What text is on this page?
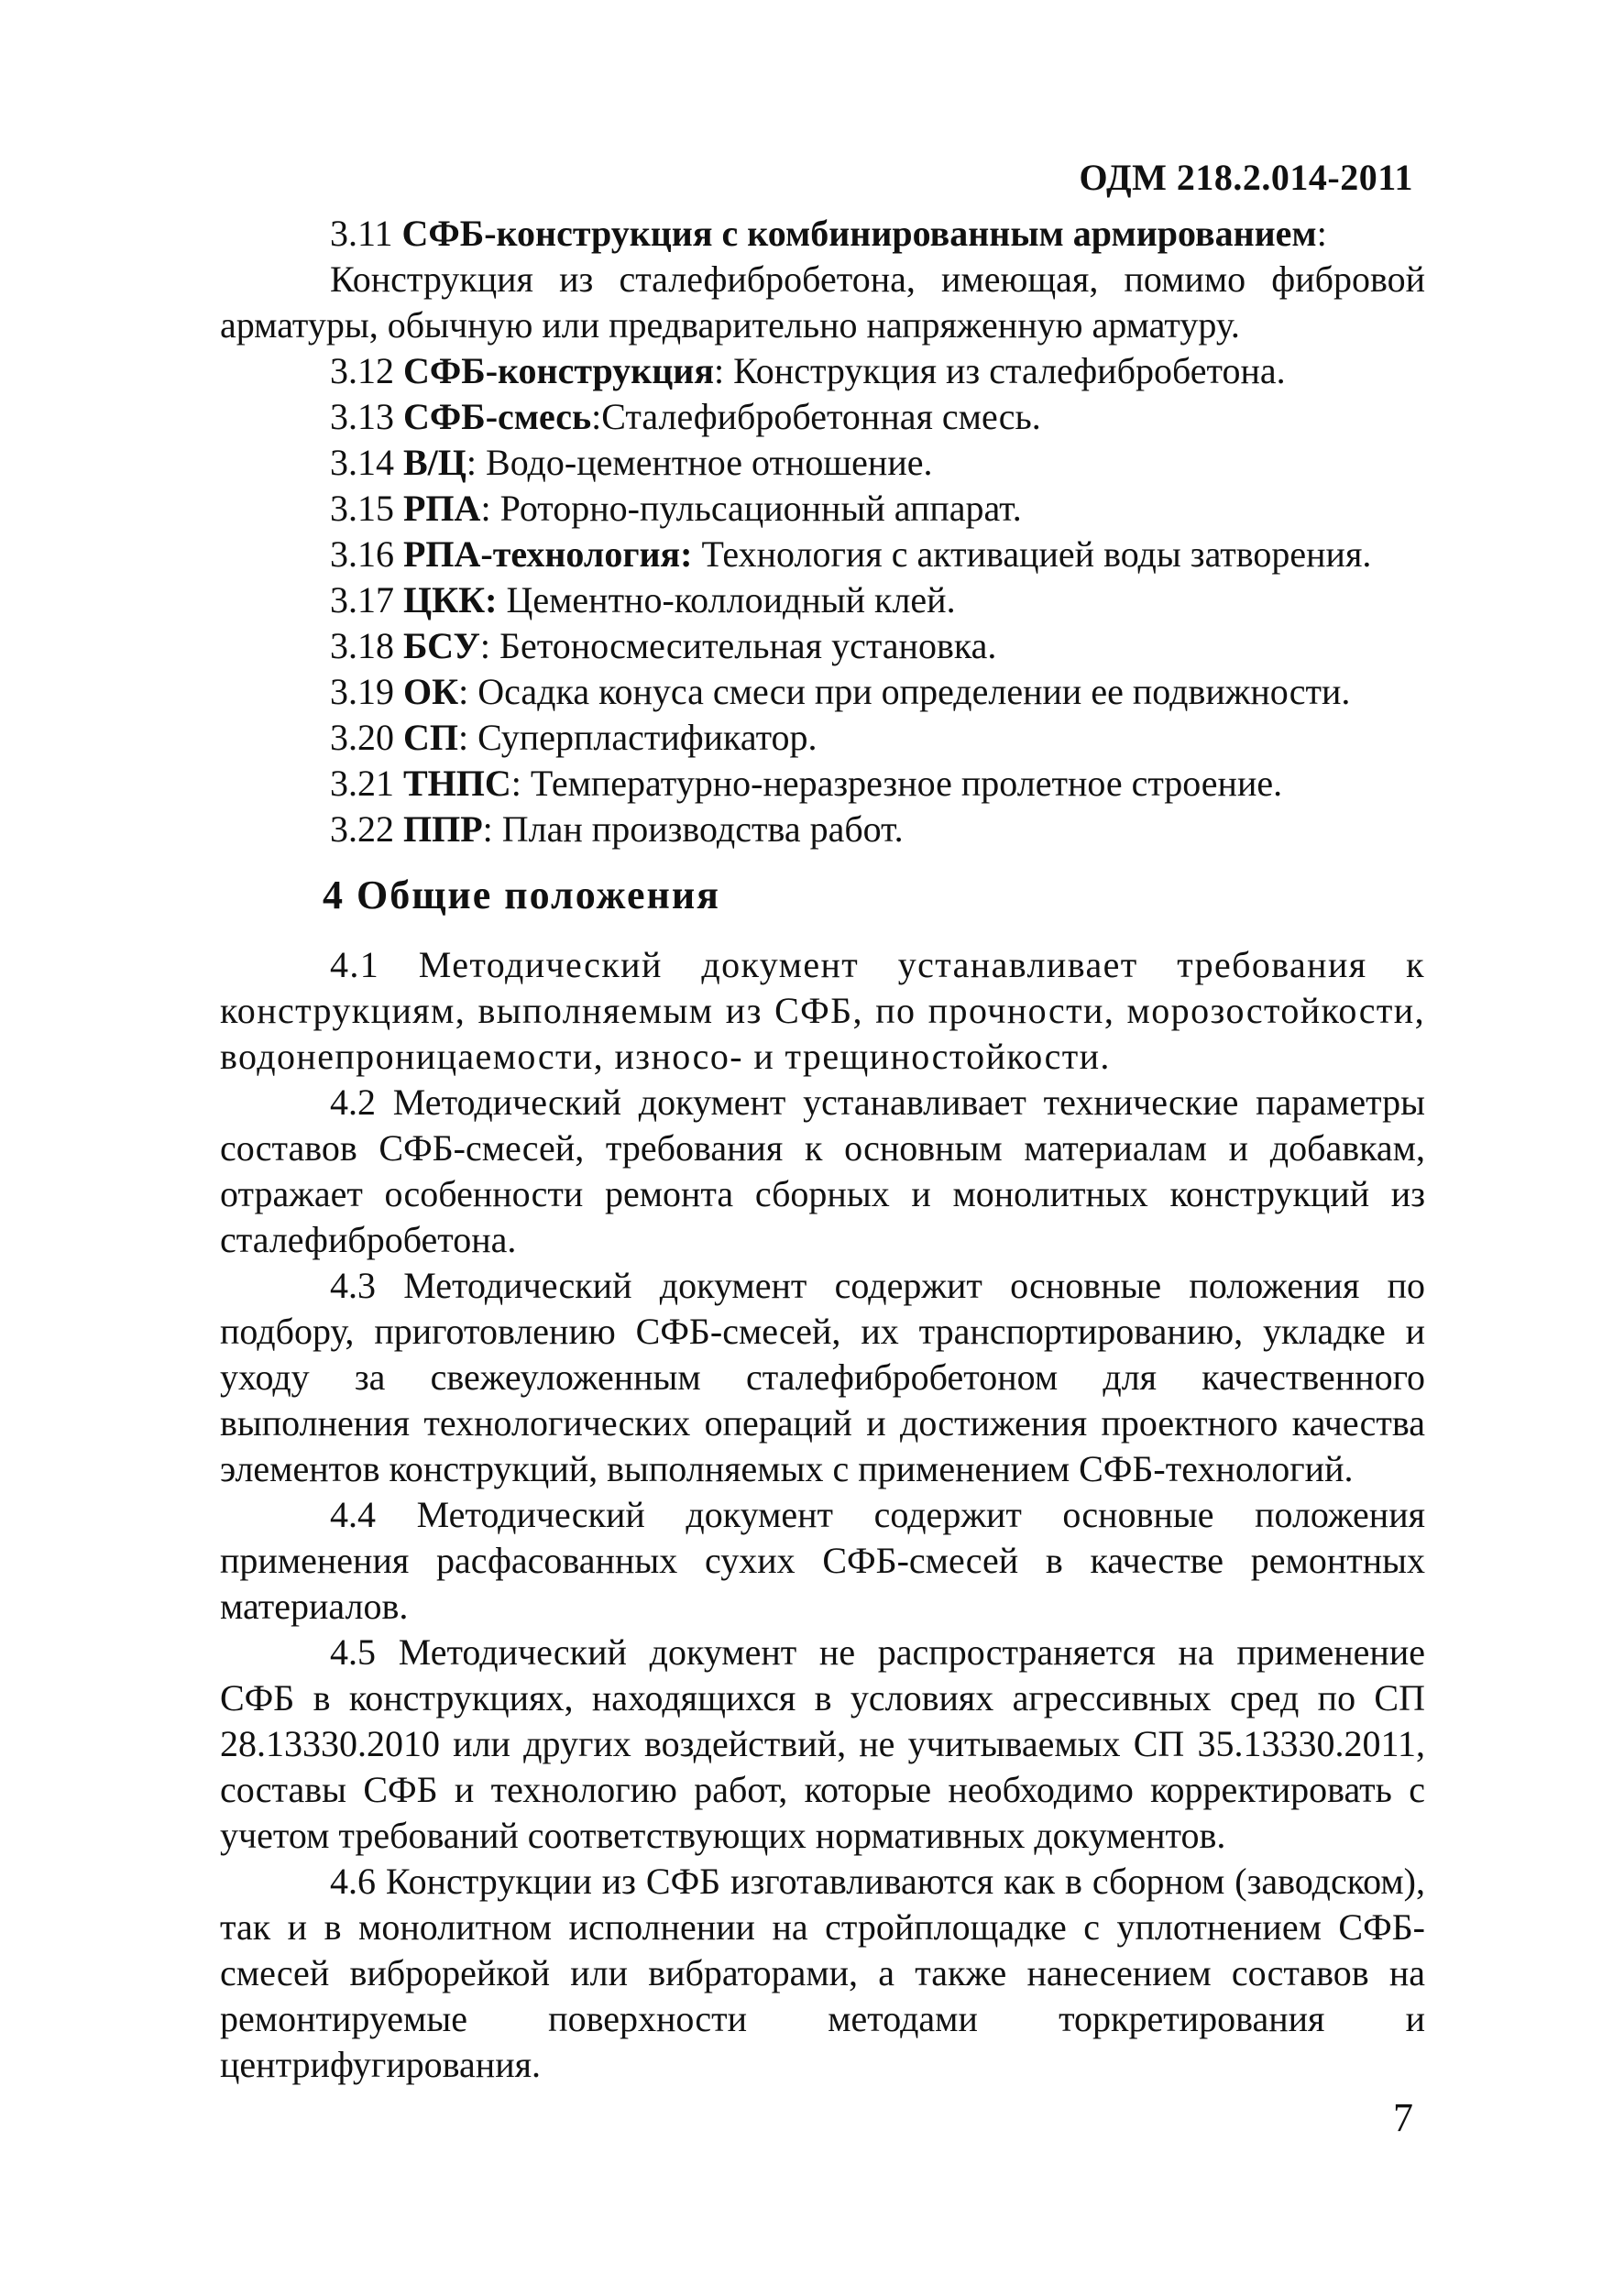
ОДМ 218.2.014-2011

3.11 СФБ-конструкция с комбинированным армированием:

Конструкция из сталефибробетона, имеющая, помимо фибровой арматуры, обычную или предварительно напряженную арматуру.

3.12 СФБ-конструкция: Конструкция из сталефибробетона.

3.13 СФБ-смесь:Сталефибробетонная смесь.

3.14 В/Ц: Водо-цементное отношение.

3.15 РПА: Роторно-пульсационный аппарат.

3.16 РПА-технология: Технология с активацией воды затворения.

3.17 ЦКК: Цементно-коллоидный клей.

3.18 БСУ: Бетоносмесительная установка.

3.19 ОК: Осадка конуса смеси при определении ее подвижности.

3.20 СП: Суперпластификатор.

3.21 ТНПС: Температурно-неразрезное пролетное строение.

3.22 ППР: План производства работ.

4 Общие положения

4.1 Методический документ устанавливает требования к конструкциям, выполняемым из СФБ, по прочности, морозостойкости, водонепроницаемости, износо- и трещиностойкости.

4.2 Методический документ устанавливает технические параметры составов СФБ-смесей, требования к основным материалам и добавкам, отражает особенности ремонта сборных и монолитных конструкций из сталефибробетона.

4.3 Методический документ содержит основные положения по подбору, приготовлению СФБ-смесей, их транспортированию, укладке и уходу за свежеуложенным сталефибробетоном для качественного выполнения технологических операций и достижения проектного качества элементов конструкций, выполняемых с применением СФБ-технологий.

4.4 Методический документ содержит основные положения применения расфасованных сухих СФБ-смесей в качестве ремонтных материалов.

4.5 Методический документ не распространяется на применение СФБ в конструкциях, находящихся в условиях агрессивных сред по СП 28.13330.2010 или других воздействий, не учитываемых СП 35.13330.2011, составы СФБ и технологию работ, которые необходимо корректировать с учетом требований соответствующих нормативных документов.

4.6 Конструкции из СФБ изготавливаются как в сборном (заводском), так и в монолитном исполнении на стройплощадке с уплотнением СФБ-смесей виброрейкой или вибраторами, а также нанесением составов на ремонтируемые поверхности методами торкретирования и центрифугирования.

7
